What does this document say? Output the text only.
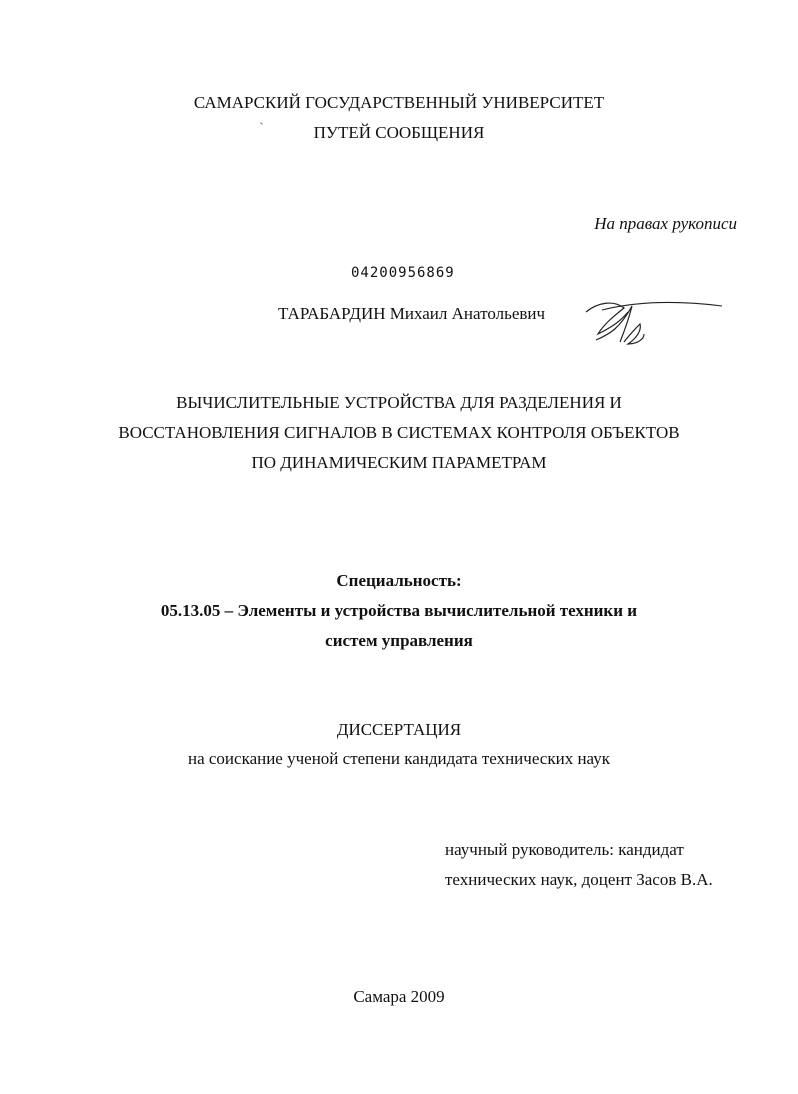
САМАРСКИЙ ГОСУДАРСТВЕННЫЙ УНИВЕРСИТЕТ
ПУТЕЙ СООБЩЕНИЯ
На правах рукописи
04200956869
ТАРАБАРДИН Михаил Анатольевич
ВЫЧИСЛИТЕЛЬНЫЕ УСТРОЙСТВА ДЛЯ РАЗДЕЛЕНИЯ И
ВОССТАНОВЛЕНИЯ СИГНАЛОВ В СИСТЕМАХ КОНТРОЛЯ ОБЪЕКТОВ
ПО ДИНАМИЧЕСКИМ ПАРАМЕТРАМ
Специальность:
05.13.05 – Элементы и устройства вычислительной техники и
систем управления
ДИССЕРТАЦИЯ
на соискание ученой степени кандидата технических наук
научный руководитель: кандидат
технических наук, доцент Засов В.А.
Самара 2009
